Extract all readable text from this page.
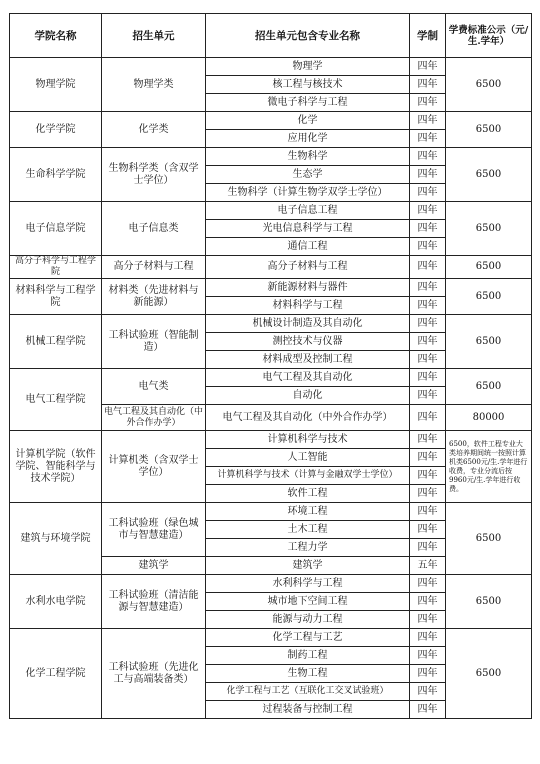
学院名称	招生单元	招生单元包含专业名称	学制	学费标准公示（元/生.学年）
物理学院	物理学类	物理学	四年	6500
		核工程与核技术	四年	
		微电子科学与工程	四年	
化学学院	化学类	化学	四年	6500
		应用化学	四年	
生命科学学院	生物科学类（含双学士学位）	生物科学	四年	6500
		生态学	四年	
		生物科学（计算生物学双学士学位）	四年	
电子信息学院	电子信息类	电子信息工程	四年	6500
		光电信息科学与工程	四年	
		通信工程	四年	
高分子科学与工程学院	高分子材料与工程	高分子材料与工程	四年	6500
材料科学与工程学院	材料类（先进材料与新能源）	新能源材料与器件	四年	6500
		材料科学与工程	四年	
机械工程学院	工科试验班（智能制造）	机械设计制造及其自动化	四年	6500
		测控技术与仪器	四年	
		材料成型及控制工程	四年	
电气工程学院	电气类	电气工程及其自动化	四年	6500
		自动化	四年	
	电气工程及其自动化（中外合作办学）	电气工程及其自动化（中外合作办学）	四年	80000
计算机学院（软件学院、智能科学与技术学院）	计算机类（含双学士学位）	计算机科学与技术	四年	6500，软件工程专业大类培养期间统一按照计算机类6500元/生.学年进行收费，专业分流后按9960元/生.学年进行收费。
		人工智能	四年	
		计算机科学与技术（计算与金融双学士学位）	四年	
		软件工程	四年	
建筑与环境学院	工科试验班（绿色城市与智慧建造）	环境工程	四年	6500
		土木工程	四年	
		工程力学	四年	
	建筑学	建筑学	五年	
水利水电学院	工科试验班（清洁能源与智慧建造）	水利科学与工程	四年	6500
		城市地下空间工程	四年	
		能源与动力工程	四年	
化学工程学院	工科试验班（先进化工与高端装备类）	化学工程与工艺	四年	6500
		制药工程	四年	
		生物工程	四年	
		化学工程与工艺（互联化工交叉试验班）	四年	
		过程装备与控制工程	四年	
